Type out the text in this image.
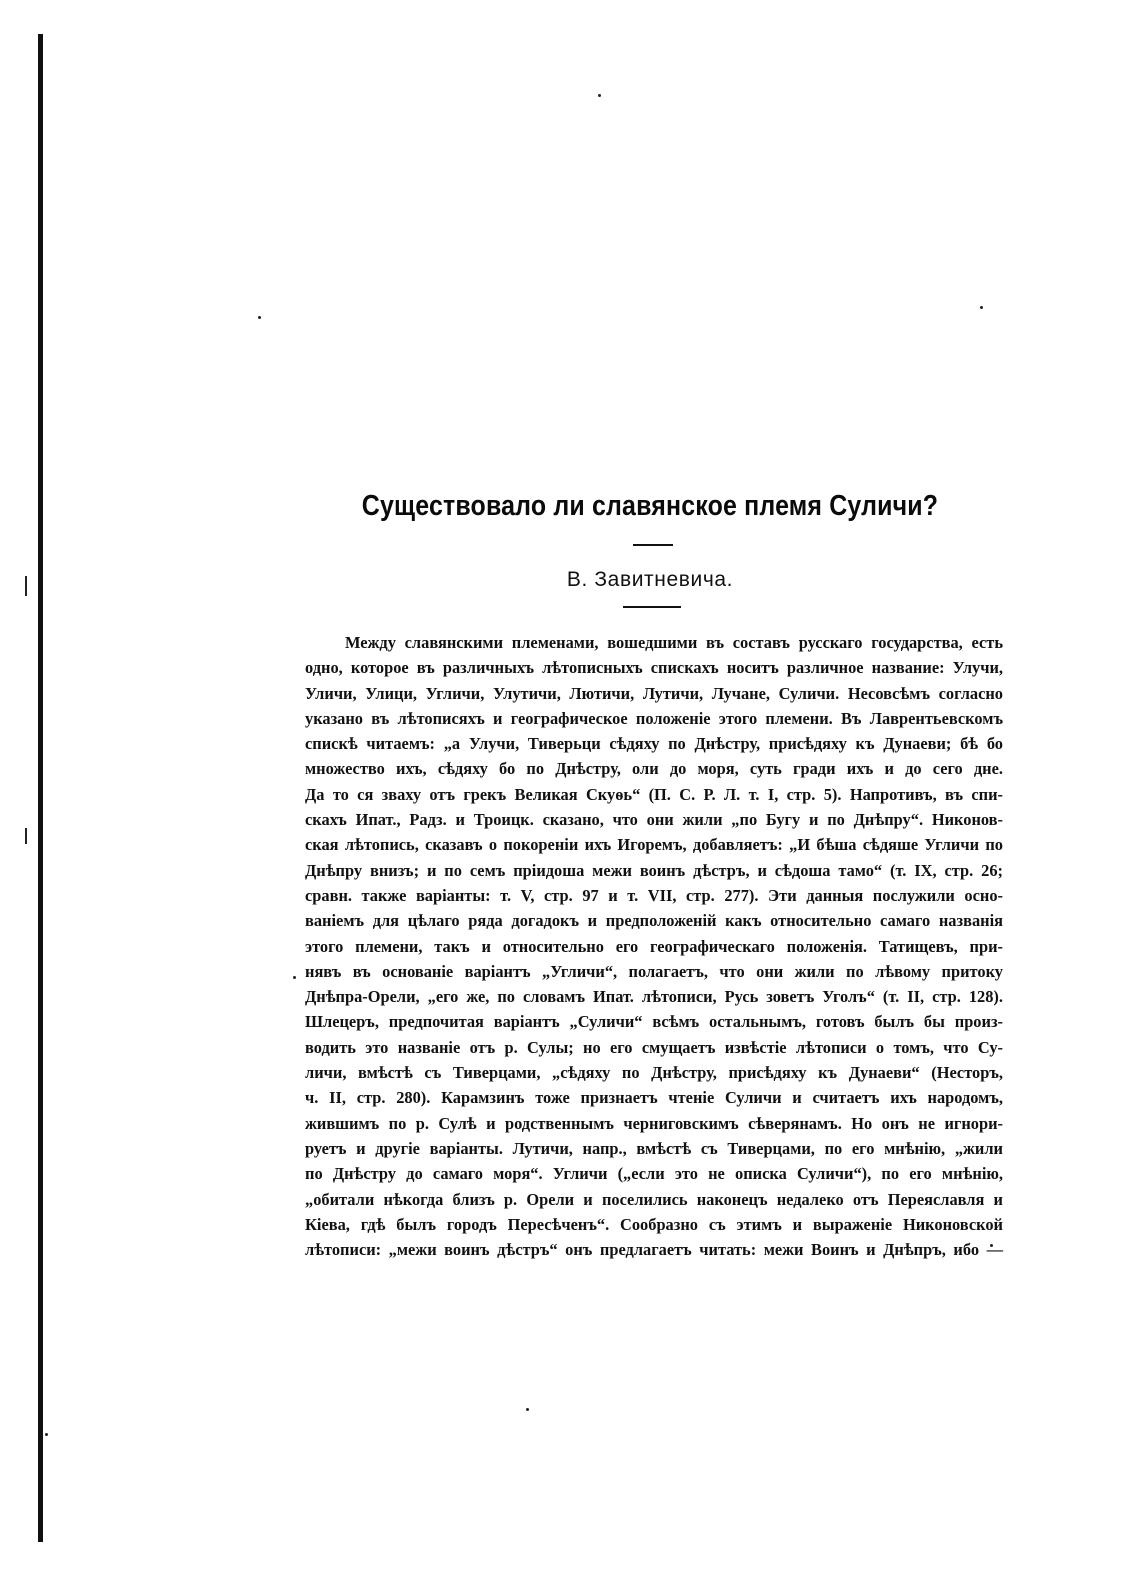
Существовало ли славянское племя Суличи?
В. Завитневича.
Между славянскими племенами, вошедшими въ составъ русскаго государства, есть
одно, которое въ различныхъ лѣтописныхъ спискахъ носитъ различное название: Улучи,
Уличи, Улици, Угличи, Улутичи, Лютичи, Лутичи, Лучане, Суличи. Несовсѣмъ согласно
указано въ лѣтописяхъ и географическое положенiе этого племени. Въ Лаврентьевскомъ
спискѣ читаемъ: „а Улучи, Тиверьци сѣдяху по Днѣстру, присѣдяху къ Дунаеви; бѣ бо
множество ихъ, сѣдяху бо по Днѣстру, оли до моря, суть гради ихъ и до сего дне.
Да то ся зваху отъ грекъ Великая Скуѳь“ (П. С. Р. Л. т. I, стр. 5). Напротивъ, въ спи-
скахъ Ипат., Радз. и Троицк. сказано, что они жили „по Бугу и по Днѣпру“. Никонов-
ская лѣтопись, сказавъ о покоренiи ихъ Игоремъ, добавляетъ: „И бѣша сѣдяше Угличи по
Днѣпру внизъ; и по семъ прiидоша межи воинъ дѣстръ, и сѣдоша тамо“ (т. IX, стр. 26;
сравн. также варiанты: т. V, стр. 97 и т. VII, стр. 277). Эти данныя послужили осно-
ванiемъ для цѣлаго ряда догадокъ и предположенiй какъ относительно самаго названiя
этого племени, такъ и относительно его географическаго положенiя. Татищевъ, при-
нявъ въ основанiе варiантъ „Угличи“, полагаетъ, что они жили по лѣвому притоку
Днѣпра-Орели, „его же, по словамъ Ипат. лѣтописи, Русь зоветъ Уголъ“ (т. II, стр. 128).
Шлецеръ, предпочитая варiантъ „Суличи“ всѣмъ остальнымъ, готовъ былъ бы произ-
водить это названiе отъ р. Сулы; но его смущаетъ извѣстiе лѣтописи о томъ, что Су-
личи, вмѣстѣ съ Тиверцами, „сѣдяху по Днѣстру, присѣдяху къ Дунаеви“ (Несторъ,
ч. II, стр. 280). Карамзинъ тоже признаетъ чтенiе Суличи и считаетъ ихъ народомъ,
жившимъ по р. Сулѣ и родственнымъ черниговскимъ сѣверянамъ. Но онъ не игнори-
руетъ и другiе варiанты. Лутичи, напр., вмѣстѣ съ Тиверцами, по его мнѣнiю, „жили
по Днѣстру до самаго моря“. Угличи („если это не описка Суличи“), по его мнѣнiю,
„обитали нѣкогда близъ р. Орели и поселились наконецъ недалеко отъ Переяславля и
Кiева, гдѣ былъ городъ Пересѣченъ“. Сообразно съ этимъ и выраженiе Никоновской
лѣтописи: „межи воинъ дѣстръ“ онъ предлагаетъ читать: межи Воинъ и Днѣпръ, ибо —
